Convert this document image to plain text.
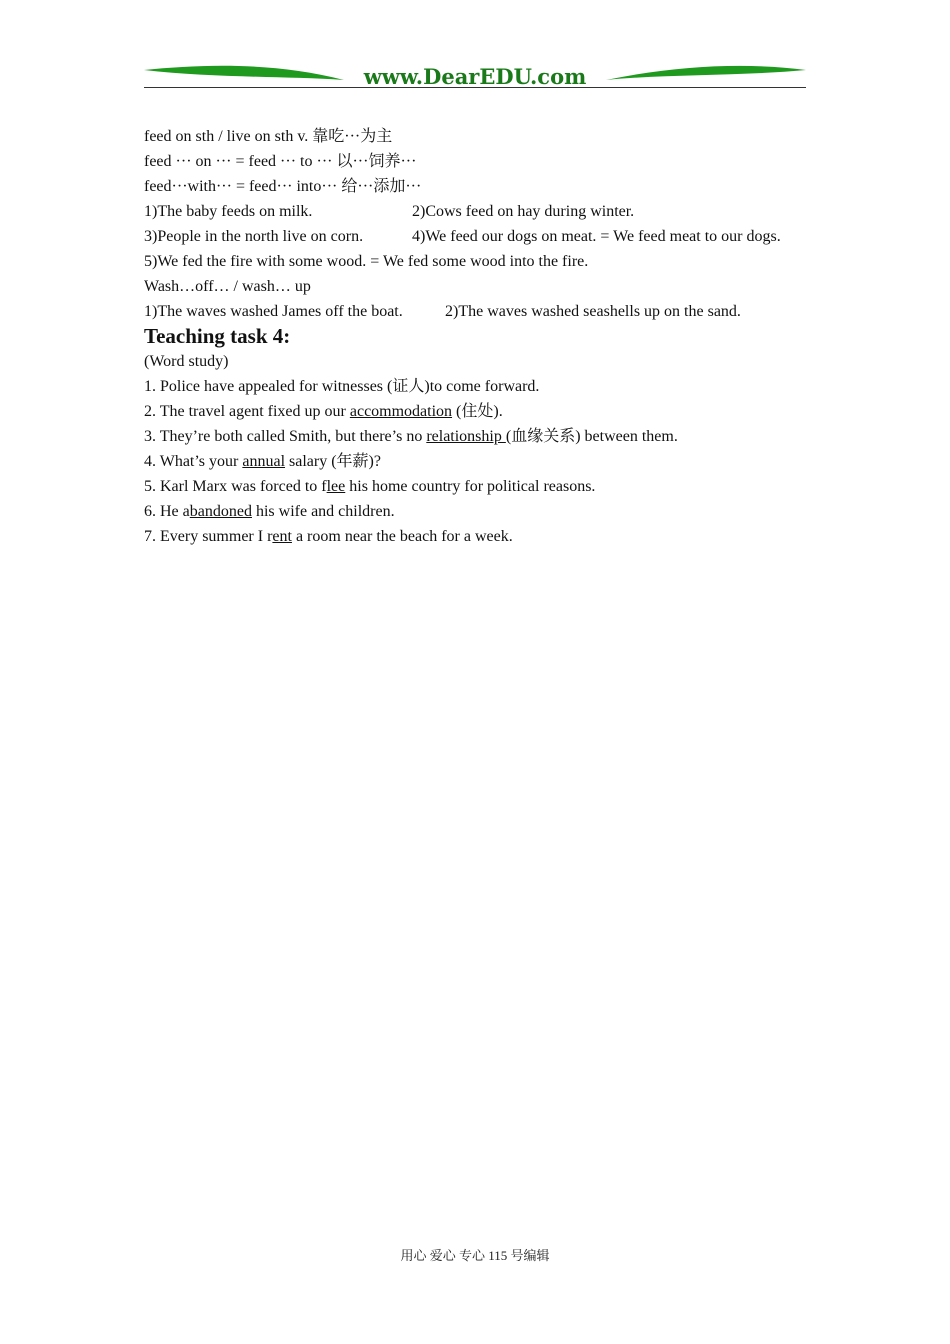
www.DearEDU.com
feed on sth / live on sth v. 靠吃···为主
feed ··· on ··· = feed ··· to ··· 以···饲养···
feed···with··· = feed··· into··· 给···添加···
1)The baby feeds on milk.	2)Cows feed on hay during winter.
3)People in the north live on corn.	4)We feed our dogs on meat. = We feed meat to our dogs.
5)We fed the fire with some wood. = We fed some wood into the fire.
Wash…off… / wash… up
1)The waves washed James off the boat.	2)The waves washed seashells up on the sand.
Teaching task 4:
(Word study)
1. Police have appealed for witnesses (证人)to come forward.
2. The travel agent fixed up our accommodation (住处).
3. They’re both called Smith, but there’s no relationship (血缘关系) between them.
4. What’s your annual salary (年薪)?
5. Karl Marx was forced to flee his home country for political reasons.
6. He abandoned his wife and children.
7. Every summer I rent a room near the beach for a week.
用心 爱心 专心 115 号编辑
